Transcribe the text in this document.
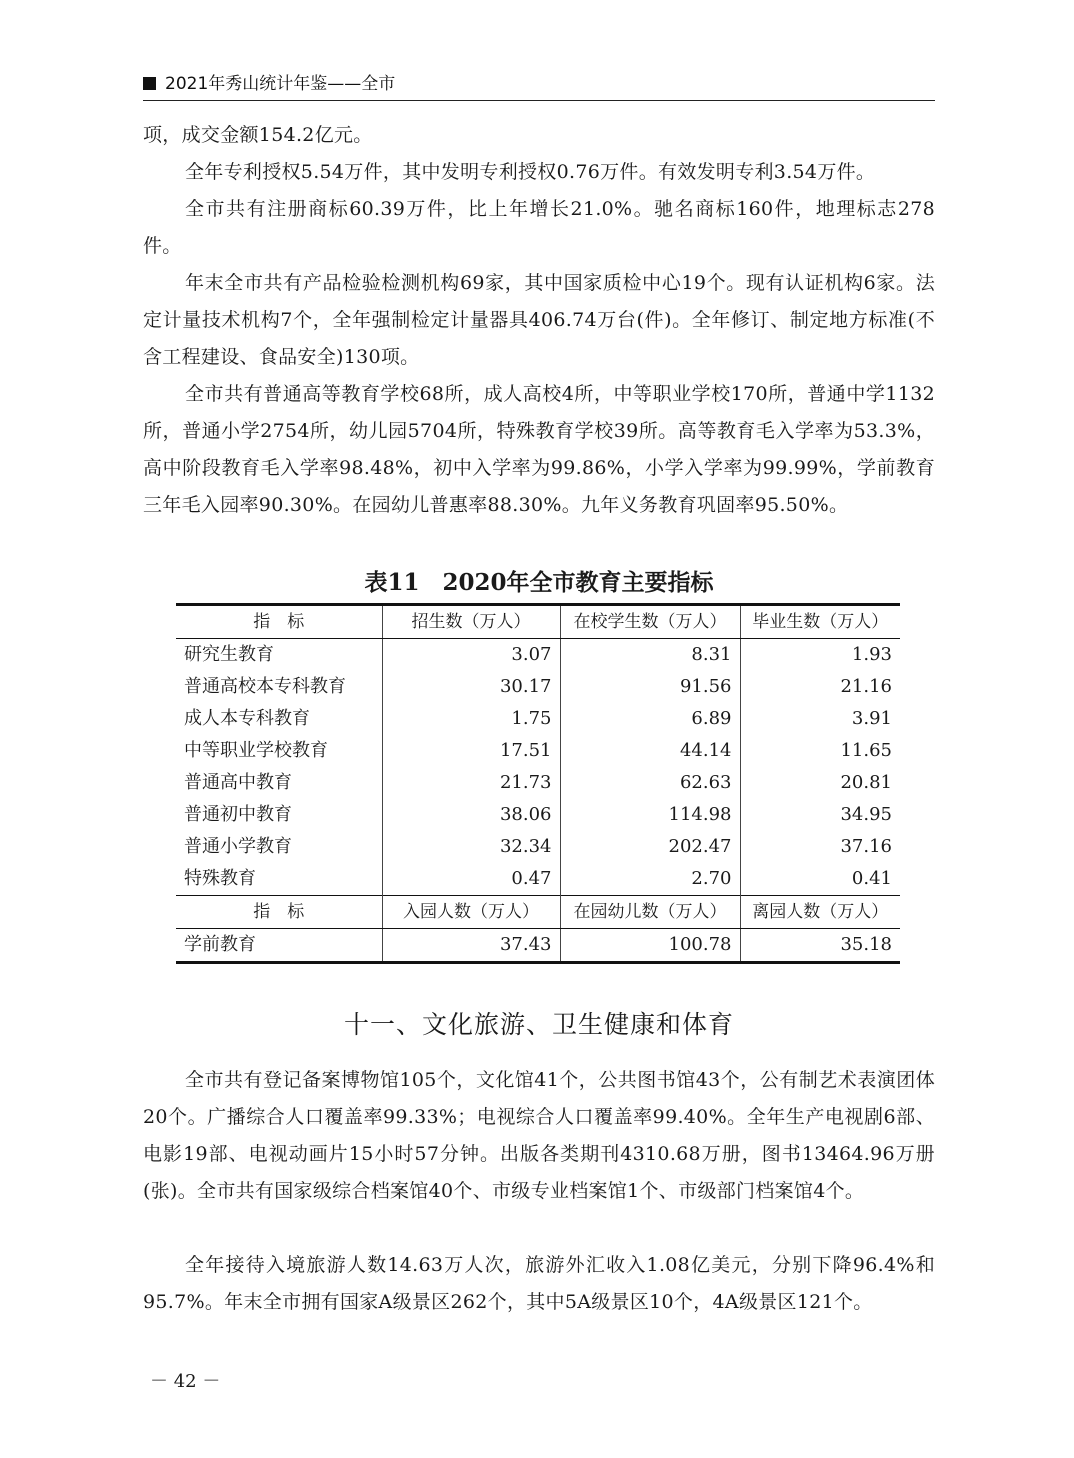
2021年秀山统计年鉴——全市

项，成交金额154.2亿元。

全年专利授权5.54万件，其中发明专利授权0.76万件。有效发明专利3.54万件。

全市共有注册商标60.39万件，比上年增长21.0%。驰名商标160件，地理标志278件。

年末全市共有产品检验检测机构69家，其中国家质检中心19个。现有认证机构6家。法定计量技术机构7个，全年强制检定计量器具406.74万台(件)。全年修订、制定地方标准(不含工程建设、食品安全)130项。

全市共有普通高等教育学校68所，成人高校4所，中等职业学校170所，普通中学1132所，普通小学2754所，幼儿园5704所，特殊教育学校39所。高等教育毛入学率为53.3%，高中阶段教育毛入学率98.48%，初中入学率为99.86%，小学入学率为99.99%，学前教育三年毛入园率90.30%。在园幼儿普惠率88.30%。九年义务教育巩固率95.50%。

表11　2020年全市教育主要指标
指　标	招生数（万人）	在校学生数（万人）	毕业生数（万人）
研究生教育	3.07	8.31	1.93
普通高校本专科教育	30.17	91.56	21.16
成人本专科教育	1.75	6.89	3.91
中等职业学校教育	17.51	44.14	11.65
普通高中教育	21.73	62.63	20.81
普通初中教育	38.06	114.98	34.95
普通小学教育	32.34	202.47	37.16
特殊教育	0.47	2.70	0.41
指　标	入园人数（万人）	在园幼儿数（万人）	离园人数（万人）
学前教育	37.43	100.78	35.18
十一、文化旅游、卫生健康和体育

全市共有登记备案博物馆105个，文化馆41个，公共图书馆43个，公有制艺术表演团体20个。广播综合人口覆盖率99.33%；电视综合人口覆盖率99.40%。全年生产电视剧6部、电影19部、电视动画片15小时57分钟。出版各类期刊4310.68万册，图书13464.96万册(张)。全市共有国家级综合档案馆40个、市级专业档案馆1个、市级部门档案馆4个。

全年接待入境旅游人数14.63万人次，旅游外汇收入1.08亿美元，分别下降96.4%和95.7%。年末全市拥有国家A级景区262个，其中5A级景区10个，4A级景区121个。

－ 42 －
